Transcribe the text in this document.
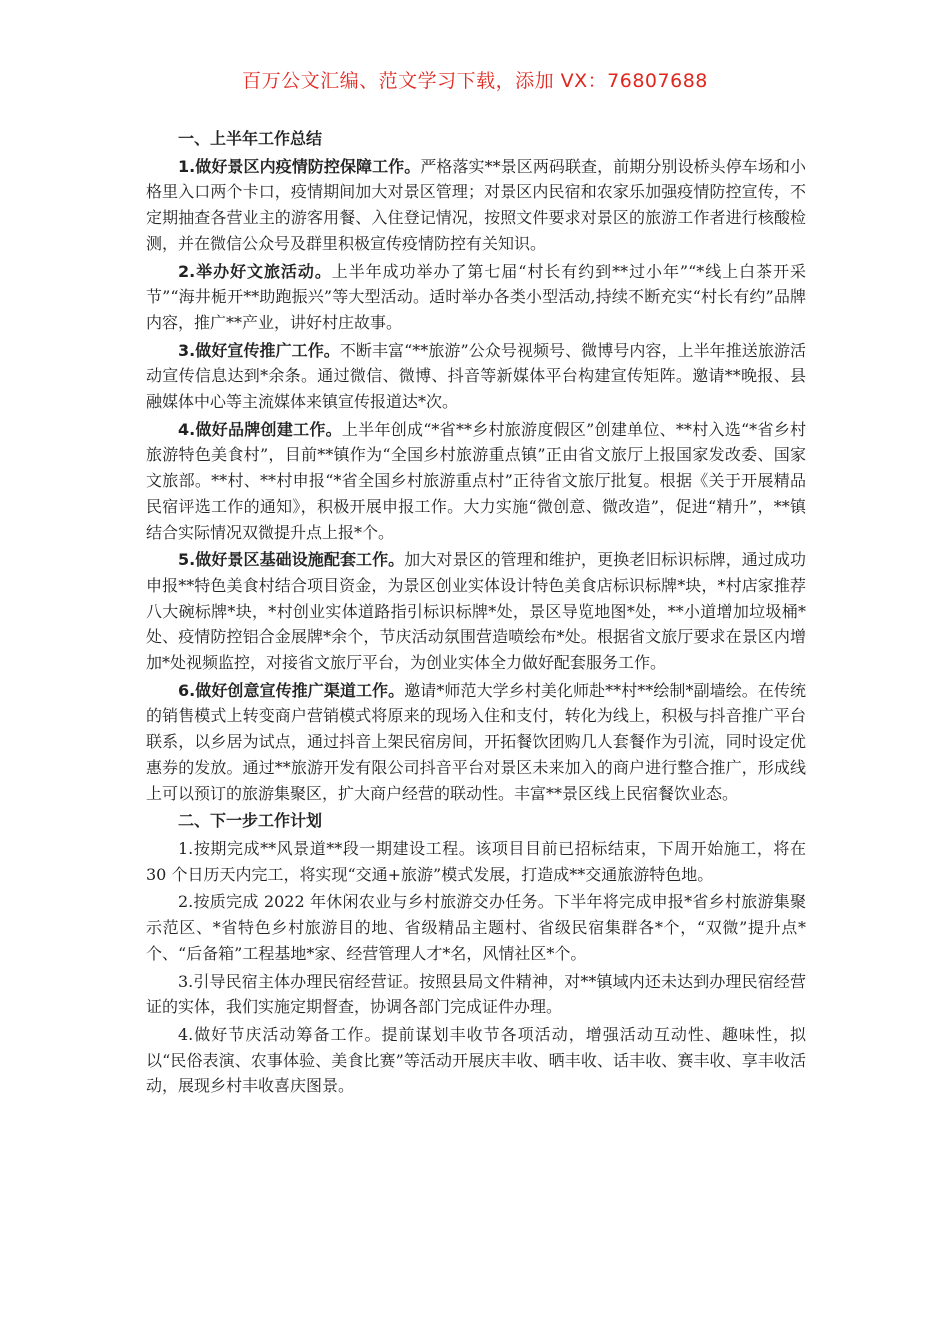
百万公文汇编、范文学习下载，添加 VX：76807688
一、上半年工作总结

1.做好景区内疫情防控保障工作。严格落实**景区两码联查，前期分别设桥头停车场和小格里入口两个卡口，疫情期间加大对景区管理；对景区内民宿和农家乐加强疫情防控宣传，不定期抽查各营业主的游客用餐、入住登记情况，按照文件要求对景区的旅游工作者进行核酸检测，并在微信公众号及群里积极宣传疫情防控有关知识。

2.举办好文旅活动。上半年成功举办了第七届“村长有约到**过小年”“*线上白茶开采节”“海井栀开**助跑振兴”等大型活动。适时举办各类小型活动,持续不断充实“村长有约”品牌内容，推广**产业，讲好村庄故事。

3.做好宣传推广工作。不断丰富“**旅游”公众号视频号、微博号内容，上半年推送旅游活动宣传信息达到*余条。通过微信、微博、抖音等新媒体平台构建宣传矩阵。邀请**晚报、县融媒体中心等主流媒体来镇宣传报道达*次。

4.做好品牌创建工作。上半年创成“*省**乡村旅游度假区”创建单位、**村入选“*省乡村旅游特色美食村”，目前**镇作为“全国乡村旅游重点镇”正由省文旅厅上报国家发改委、国家文旅部。**村、**村申报“*省全国乡村旅游重点村”正待省文旅厅批复。根据《关于开展精品民宿评选工作的通知》，积极开展申报工作。大力实施“微创意、微改造”，促进“精升”，**镇结合实际情况双微提升点上报*个。

5.做好景区基础设施配套工作。加大对景区的管理和维护，更换老旧标识标牌，通过成功申报**特色美食村结合项目资金，为景区创业实体设计特色美食店标识标牌*块，*村店家推荐八大碗标牌*块，*村创业实体道路指引标识标牌*处，景区导览地图*处，**小道增加垃圾桶*处、疫情防控铝合金展牌*余个，节庆活动氛围营造喷绘布*处。根据省文旅厅要求在景区内增加*处视频监控，对接省文旅厅平台，为创业实体全力做好配套服务工作。

6.做好创意宣传推广渠道工作。邀请*师范大学乡村美化师赴**村**绘制*副墙绘。在传统的销售模式上转变商户营销模式将原来的现场入住和支付，转化为线上，积极与抖音推广平台联系，以乡居为试点，通过抖音上架民宿房间，开拓餐饮团购几人套餐作为引流，同时设定优惠券的发放。通过**旅游开发有限公司抖音平台对景区未来加入的商户进行整合推广，形成线上可以预订的旅游集聚区，扩大商户经营的联动性。丰富**景区线上民宿餐饮业态。

二、下一步工作计划

1.按期完成**风景道**段一期建设工程。该项目目前已招标结束，下周开始施工，将在 30 个日历天内完工，将实现“交通+旅游”模式发展，打造成**交通旅游特色地。

2.按质完成 2022 年休闲农业与乡村旅游交办任务。下半年将完成申报*省乡村旅游集聚示范区、*省特色乡村旅游目的地、省级精品主题村、省级民宿集群各*个，“双微”提升点*个、“后备箱”工程基地*家、经营管理人才*名，风情社区*个。

3.引导民宿主体办理民宿经营证。按照县局文件精神，对**镇域内还未达到办理民宿经营证的实体，我们实施定期督查，协调各部门完成证件办理。

4.做好节庆活动筹备工作。提前谋划丰收节各项活动，增强活动互动性、趣味性，拟以“民俗表演、农事体验、美食比赛”等活动开展庆丰收、晒丰收、话丰收、赛丰收、享丰收活动，展现乡村丰收喜庆图景。
